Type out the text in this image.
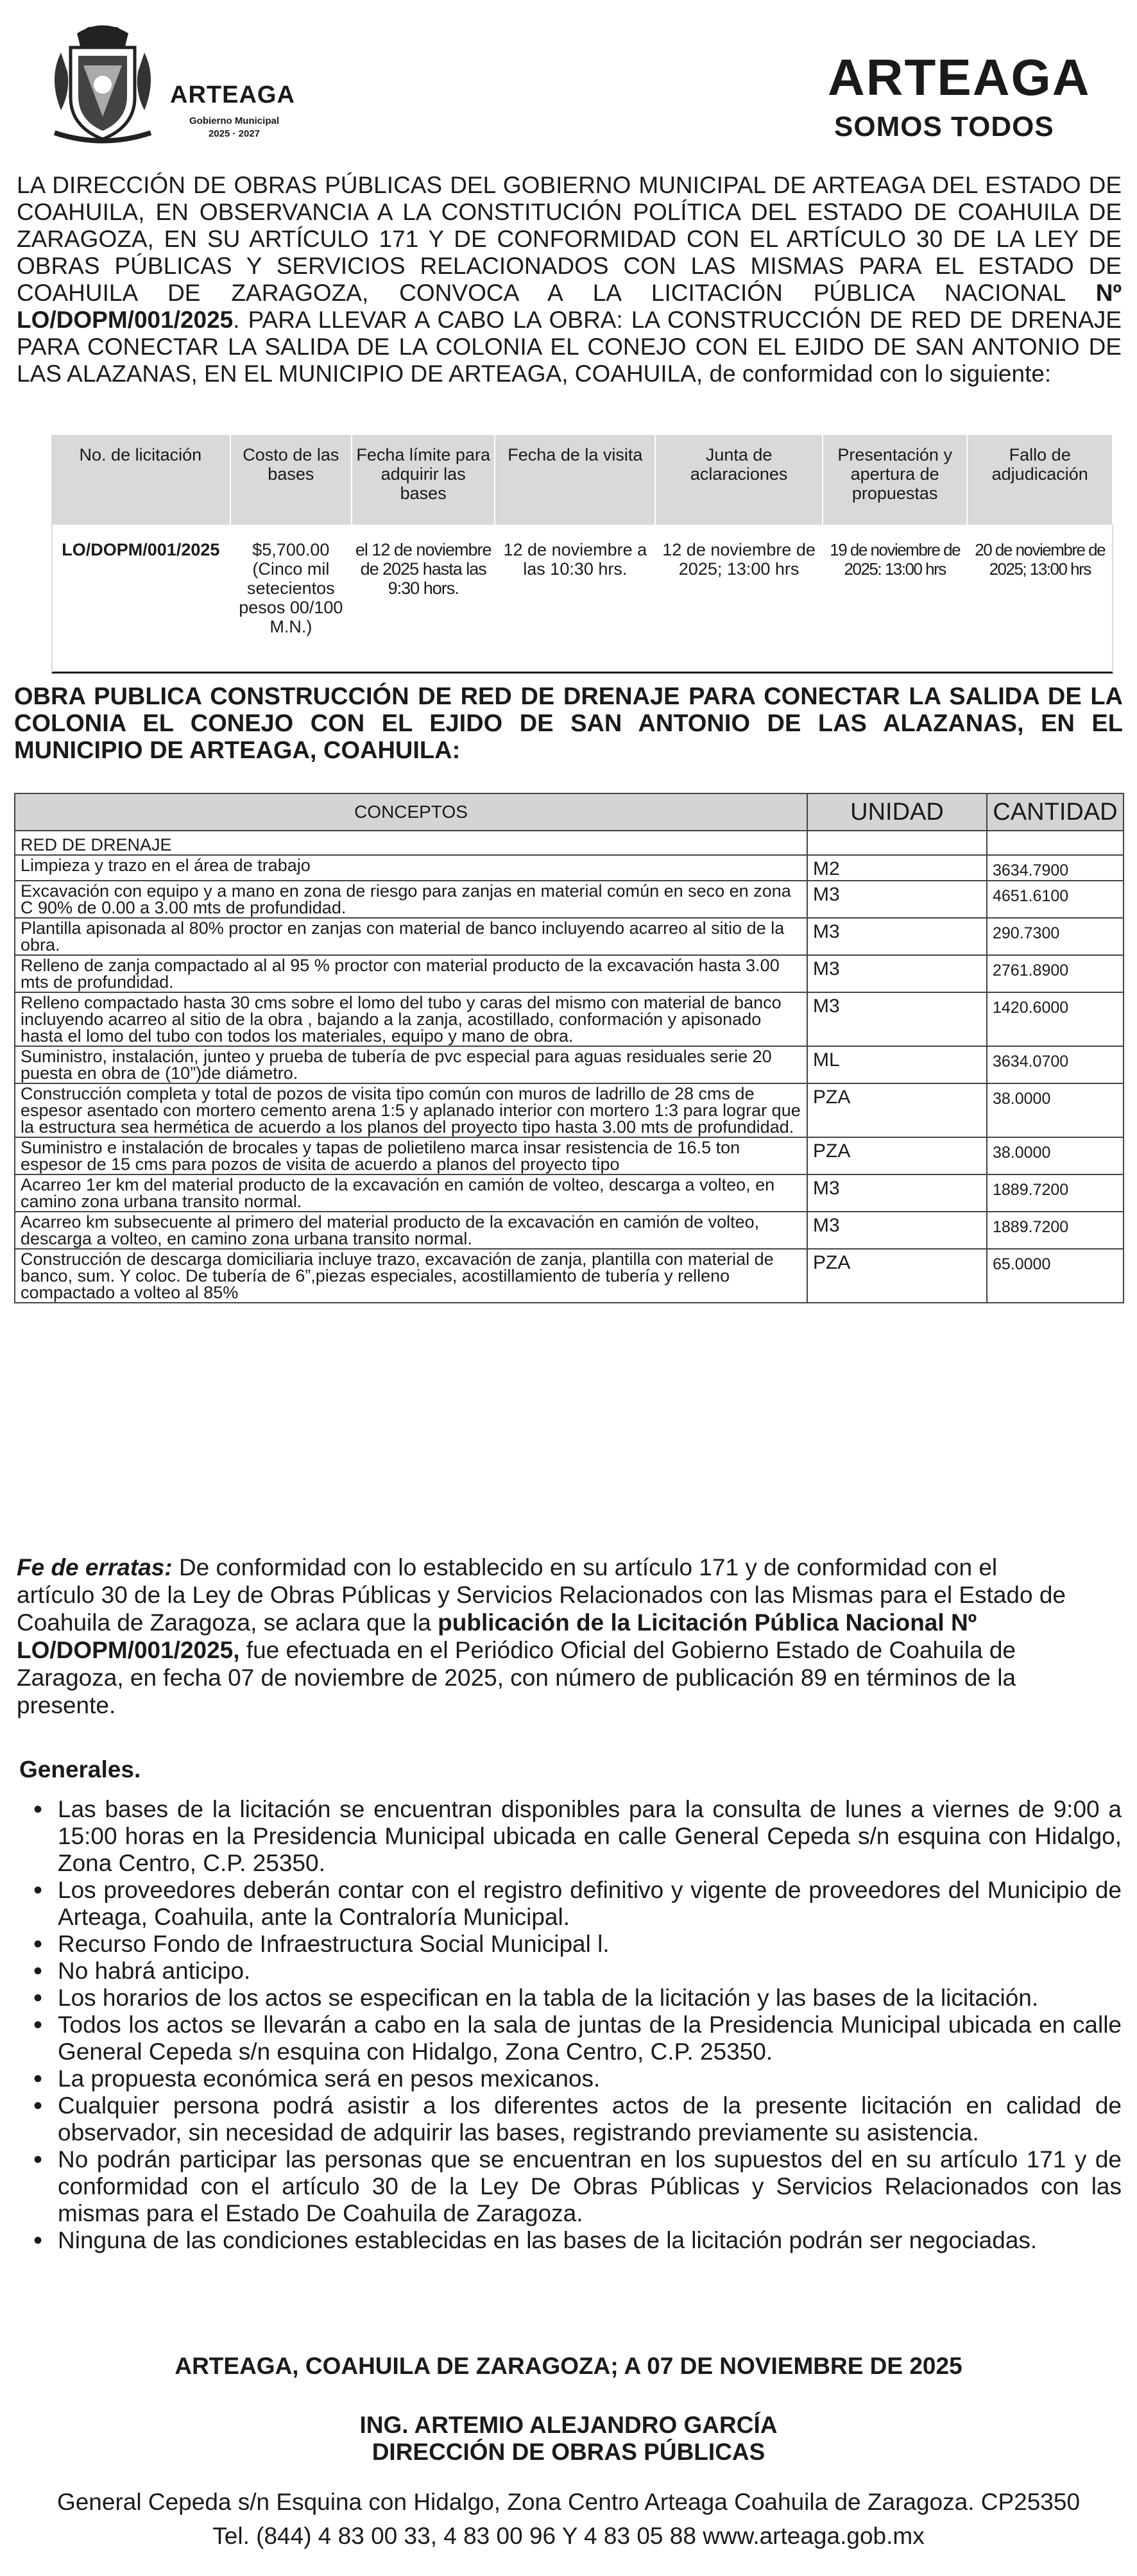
ARTEAGA
Gobierno Municipal
2025 · 2027
ARTEAGA
SOMOS TODOS
LA DIRECCIÓN DE OBRAS PÚBLICAS DEL GOBIERNO MUNICIPAL DE ARTEAGA DEL ESTADO DE COAHUILA, EN OBSERVANCIA A LA CONSTITUCIÓN POLÍTICA DEL ESTADO DE COAHUILA DE ZARAGOZA, EN SU ARTÍCULO 171 Y DE CONFORMIDAD CON EL ARTÍCULO 30 DE LA LEY DE OBRAS PÚBLICAS Y SERVICIOS RELACIONADOS CON LAS MISMAS PARA EL ESTADO DE COAHUILA DE ZARAGOZA, CONVOCA A LA LICITACIÓN PÚBLICA NACIONAL Nº LO/DOPM/001/2025. PARA LLEVAR A CABO LA OBRA: LA CONSTRUCCIÓN DE RED DE DRENAJE PARA CONECTAR LA SALIDA DE LA COLONIA EL CONEJO CON EL EJIDO DE SAN ANTONIO DE LAS ALAZANAS, EN EL MUNICIPIO DE ARTEAGA, COAHUILA, de conformidad con lo siguiente:
No. de licitación	Costo de las bases	Fecha límite para adquirir las bases	Fecha de la visita	Junta de aclaraciones	Presentación y apertura de propuestas	Fallo de adjudicación
LO/DOPM/001/2025	$5,700.00 (Cinco mil setecientos pesos 00/100 M.N.)	el 12 de noviembre de 2025 hasta las 9:30 hors.	12 de noviembre a las 10:30 hrs.	12 de noviembre de 2025; 13:00 hrs	19 de noviembre de 2025: 13:00 hrs	20 de noviembre de 2025; 13:00 hrs
OBRA PUBLICA CONSTRUCCIÓN DE RED DE DRENAJE PARA CONECTAR LA SALIDA DE LA COLONIA EL CONEJO CON EL EJIDO DE SAN ANTONIO DE LAS ALAZANAS, EN EL MUNICIPIO DE ARTEAGA, COAHUILA:
CONCEPTOS	UNIDAD	CANTIDAD
RED DE DRENAJE		
Limpieza y trazo en el área de trabajo	M2	3634.7900
Excavación con equipo y a mano en zona de riesgo para zanjas en material común en seco en zona C 90% de 0.00 a 3.00 mts de profundidad.	M3	4651.6100
Plantilla apisonada al 80% proctor en zanjas con material de banco incluyendo acarreo al sitio de la obra.	M3	290.7300
Relleno de zanja compactado al al 95 % proctor con material producto de la excavación hasta 3.00 mts de profundidad.	M3	2761.8900
Relleno compactado hasta 30 cms sobre el lomo del tubo y caras del mismo con material de banco incluyendo acarreo al sitio de la obra , bajando a la zanja, acostillado, conformación y apisonado hasta el lomo del tubo con todos los materiales, equipo y mano de obra.	M3	1420.6000
Suministro, instalación, junteo y prueba de tubería de pvc especial para aguas residuales serie 20 puesta en obra de (10”)de diámetro.	ML	3634.0700
Construcción completa y total de pozos de visita tipo común con muros de ladrillo de 28 cms de espesor asentado con mortero cemento arena 1:5 y aplanado interior con mortero 1:3 para lograr que la estructura sea hermética de acuerdo a los planos del proyecto tipo hasta 3.00 mts de profundidad.	PZA	38.0000
Suministro e instalación de brocales y tapas de polietileno marca insar resistencia de 16.5 ton espesor de 15 cms para pozos de visita de acuerdo a planos del proyecto tipo	PZA	38.0000
Acarreo 1er km del material producto de la excavación en camión de volteo, descarga a volteo, en camino zona urbana transito normal.	M3	1889.7200
Acarreo km subsecuente al primero del material producto de la excavación en camión de volteo, descarga a volteo, en camino zona urbana transito normal.	M3	1889.7200
Construcción de descarga domiciliaria incluye trazo, excavación de zanja, plantilla con material de banco, sum. Y coloc. De tubería de 6”,piezas especiales, acostillamiento de tubería y relleno compactado a volteo al 85%	PZA	65.0000
Fe de erratas: De conformidad con lo establecido en su artículo 171 y de conformidad con el artículo 30 de la Ley de Obras Públicas y Servicios Relacionados con las Mismas para el Estado de Coahuila de Zaragoza, se aclara que la publicación de la Licitación Pública Nacional Nº LO/DOPM/001/2025, fue efectuada en el Periódico Oficial del Gobierno Estado de Coahuila de Zaragoza, en fecha 07 de noviembre de 2025, con número de publicación 89 en términos de la presente.
Generales.
• Las bases de la licitación se encuentran disponibles para la consulta de lunes a viernes de 9:00 a 15:00 horas en la Presidencia Municipal ubicada en calle General Cepeda s/n esquina con Hidalgo, Zona Centro, C.P. 25350.
• Los proveedores deberán contar con el registro definitivo y vigente de proveedores del Municipio de Arteaga, Coahuila, ante la Contraloría Municipal.
• Recurso Fondo de Infraestructura Social Municipal l.
• No habrá anticipo.
• Los horarios de los actos se especifican en la tabla de la licitación y las bases de la licitación.
• Todos los actos se llevarán a cabo en la sala de juntas de la Presidencia Municipal ubicada en calle General Cepeda s/n esquina con Hidalgo, Zona Centro, C.P. 25350.
• La propuesta económica será en pesos mexicanos.
• Cualquier persona podrá asistir a los diferentes actos de la presente licitación en calidad de observador, sin necesidad de adquirir las bases, registrando previamente su asistencia.
• No podrán participar las personas que se encuentran en los supuestos del en su artículo 171 y de conformidad con el artículo 30 de la Ley De Obras Públicas y Servicios Relacionados con las mismas para el Estado De Coahuila de Zaragoza.
• Ninguna de las condiciones establecidas en las bases de la licitación podrán ser negociadas.
ARTEAGA, COAHUILA DE ZARAGOZA; A 07 DE NOVIEMBRE DE 2025
ING. ARTEMIO ALEJANDRO GARCÍA
DIRECCIÓN DE OBRAS PÚBLICAS
General Cepeda s/n Esquina con Hidalgo, Zona Centro Arteaga Coahuila de Zaragoza. CP25350
Tel. (844) 4 83 00 33, 4 83 00 96 Y 4 83 05 88 www.arteaga.gob.mx
